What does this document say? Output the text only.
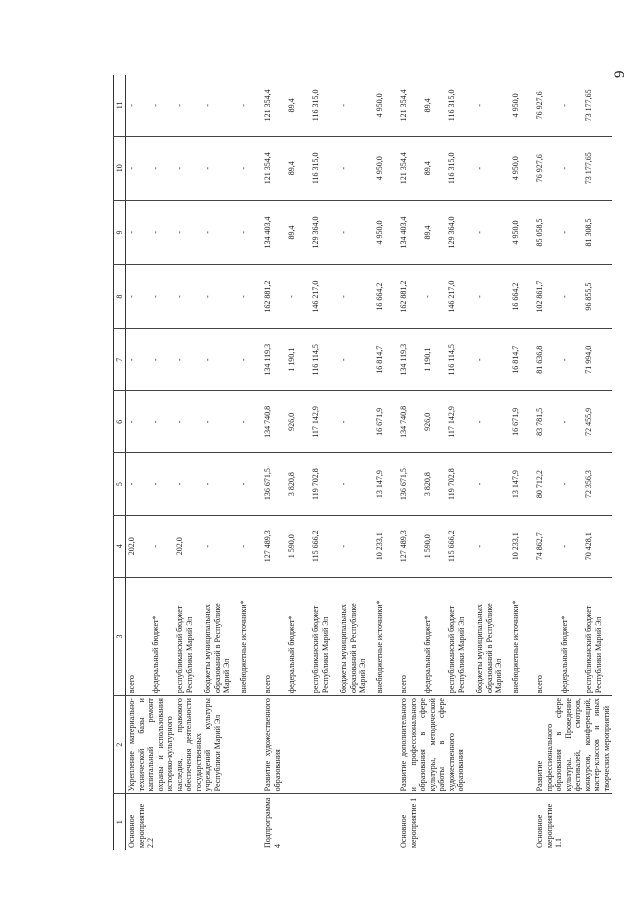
9
1	2	3	4	5	6	7	8	9	10	11
Основное мероприятие 2.2	Укрепление материально-технической базы и капитальный ремонт охраны и использования историко-культурного наследия, правового обеспечения деятельности государственных учреждений культуры Республики Марий Эл	всего	202,0	-	-	-	-	-	-	-
		федеральный бюджет*	-	-	-	-	-	-	-	-
		республиканский бюджет Республики Марий Эл	202,0	-	-	-	-	-	-	-
		бюджеты муниципальных образований в Республике Марий Эл	-	-	-	-	-	-	-	-
		внебюджетные источники*	-	-	-	-	-	-	-	-
Подпрограмма 4	Развитие художественного образования	всего	127 489,3	136 671,5	134 740,8	134 119,3	162 881,2	134 403,4	121 354,4	121 354,4
		федеральный бюджет*	1 590,0	3 820,8	926,0	1 190,1	-	89,4	89,4	89,4
		республиканский бюджет Республики Марий Эл	115 666,2	119 702,8	117 142,9	116 114,5	146 217,0	129 364,0	116 315,0	116 315,0
		бюджеты муниципальных образований в Республике Марий Эл	-	-	-	-	-	-	-	-
		внебюджетные источники*	10 233,1	13 147,9	16 671,9	16 814,7	16 664,2	4 950,0	4 950,0	4 950,0
Основное мероприятие 1	Развитие дополнительного и профессионального образования в сфере культуры, методической работы в сфере художественного образования	всего	127 489,3	136 671,5	134 740,8	134 119,3	162 881,2	134 403,4	121 354,4	121 354,4
		федеральный бюджет*	1 590,0	3 820,8	926,0	1 190,1	-	89,4	89,4	89,4
		республиканский бюджет Республики Марий Эл	115 666,2	119 702,8	117 142,9	116 114,5	146 217,0	129 364,0	116 315,0	116 315,0
		бюджеты муниципальных образований в Республике Марий Эл	-	-	-	-	-	-	-	-
		внебюджетные источники*	10 233,1	13 147,9	16 671,9	16 814,7	16 664,2	4 950,0	4 950,0	4 950,0
Основное мероприятие 1.1	Развитие профессионального образования в сфере культуры. Проведение фестивалей, смотров, конкурсов, конференций, мастер-классов и иных творческих мероприятий	всего	74 862,7	80 712,2	83 781,5	81 636,8	102 861,7	85 058,5	76 927,6	76 927,6
		федеральный бюджет*	-	-	-	-	-	-	-	-
		республиканский бюджет Республики Марий Эл	70 428,1	72 356,3	72 455,9	71 994,0	96 855,5	81 308,5	73 177,65	73 177,65
